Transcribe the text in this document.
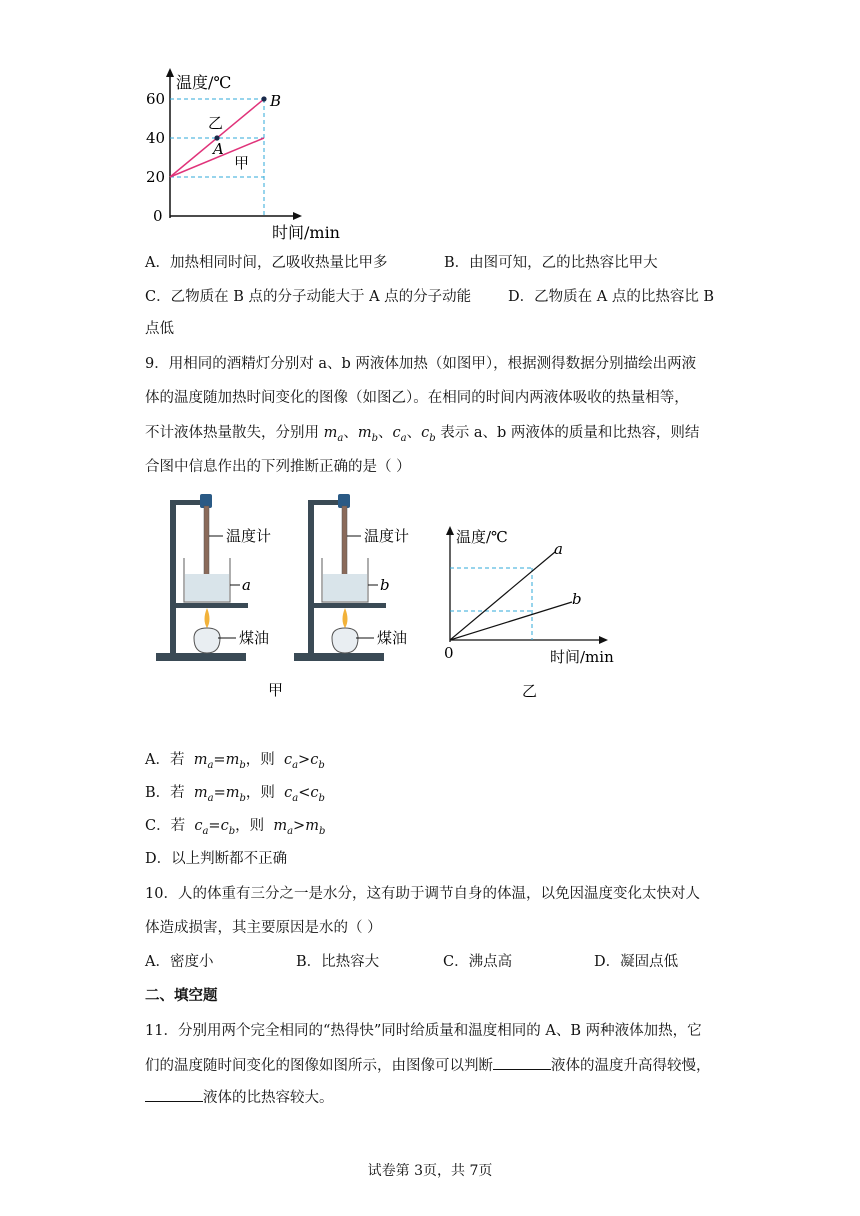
温度/℃
时间/min
60
40
20
0
B
A
乙
甲
A．加热相同时间，乙吸收热量比甲多	B．由图可知，乙的比热容比甲大
C．乙物质在 B 点的分子动能大于 A 点的分子动能	D．乙物质在 A 点的比热容比 B
点低
9．用相同的酒精灯分别对 a、b 两液体加热（如图甲），根据测得数据分别描绘出两液
体的温度随加热时间变化的图像（如图乙）。在相同的时间内两液体吸收的热量相等，
不计液体热量散失，分别用 $m_a$、$m_b$、$c_a$、$c_b$ 表示 a、b 两液体的质量和比热容，则结
合图中信息作出的下列推断正确的是（ ）
温度计
a
煤油
温度计
b
煤油
甲
温度/℃
时间/min
0
a
b
乙
A．若 $m_a=m_b$，则  $c_a>c_b$
B．若 $m_a=m_b$，则  $c_a<c_b$
C．若 $c_a=c_b$，则  $m_a>m_b$
D．以上判断都不正确
10．人的体重有三分之一是水分，这有助于调节自身的体温，以免因温度变化太快对人
体造成损害，其主要原因是水的（ ）
A．密度小	B．比热容大	C．沸点高	D．凝固点低
二、填空题
11．分别用两个完全相同的“热得快”同时给质量和温度相同的 A、B 两种液体加热，它
们的温度随时间变化的图像如图所示，由图像可以判断	液体的温度升高得较慢，
液体的比热容较大。
试卷第 3页，共 7页
